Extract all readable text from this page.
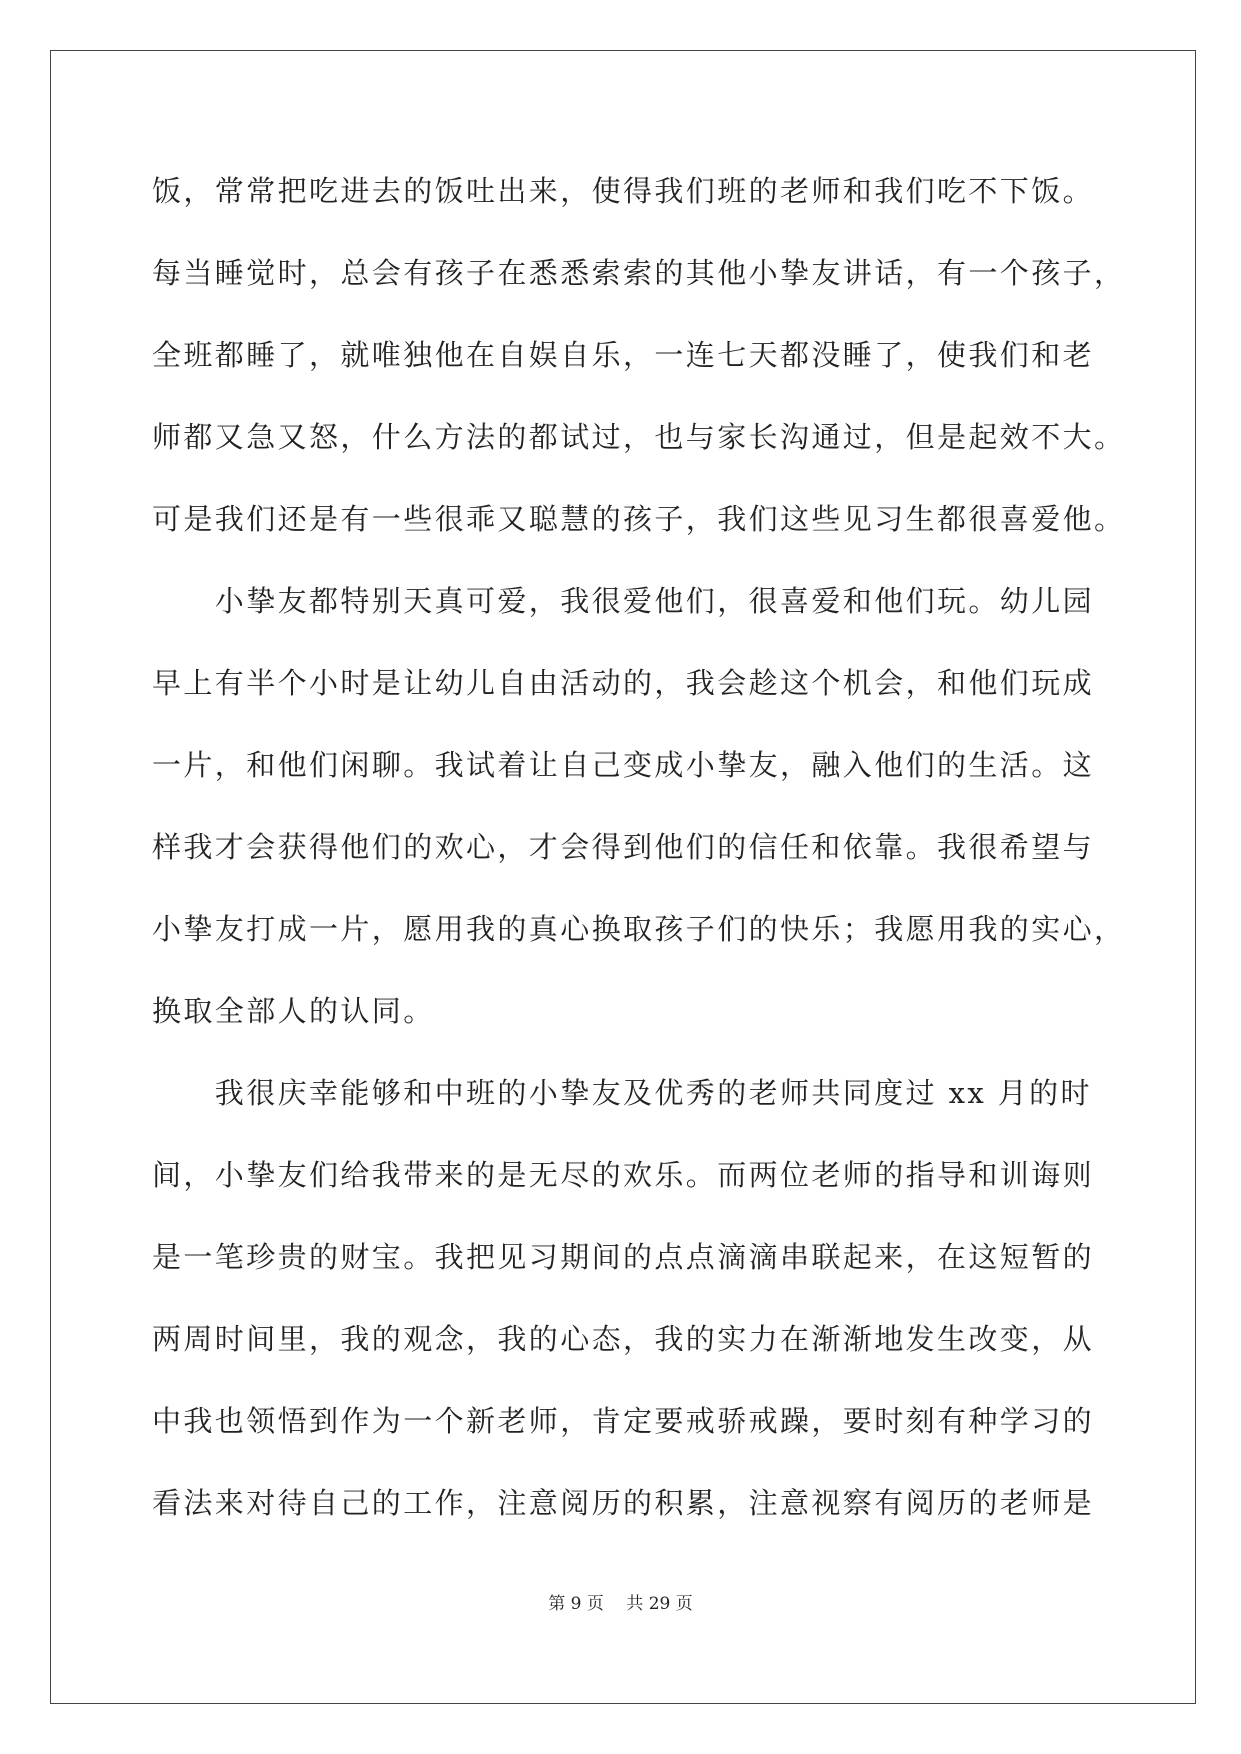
饭，常常把吃进去的饭吐出来，使得我们班的老师和我们吃不下饭。
每当睡觉时，总会有孩子在悉悉索索的其他小挚友讲话，有一个孩子，
全班都睡了，就唯独他在自娱自乐，一连七天都没睡了，使我们和老
师都又急又怒，什么方法的都试过，也与家长沟通过，但是起效不大。
可是我们还是有一些很乖又聪慧的孩子，我们这些见习生都很喜爱他。
　　小挚友都特别天真可爱，我很爱他们，很喜爱和他们玩。幼儿园
早上有半个小时是让幼儿自由活动的，我会趁这个机会，和他们玩成
一片，和他们闲聊。我试着让自己变成小挚友，融入他们的生活。这
样我才会获得他们的欢心，才会得到他们的信任和依靠。我很希望与
小挚友打成一片，愿用我的真心换取孩子们的快乐；我愿用我的实心，
换取全部人的认同。
　　我很庆幸能够和中班的小挚友及优秀的老师共同度过 xx 月的时
间，小挚友们给我带来的是无尽的欢乐。而两位老师的指导和训诲则
是一笔珍贵的财宝。我把见习期间的点点滴滴串联起来，在这短暂的
两周时间里，我的观念，我的心态，我的实力在渐渐地发生改变，从
中我也领悟到作为一个新老师，肯定要戒骄戒躁，要时刻有种学习的
看法来对待自己的工作，注意阅历的积累，注意视察有阅历的老师是
第 9 页　 共 29 页
